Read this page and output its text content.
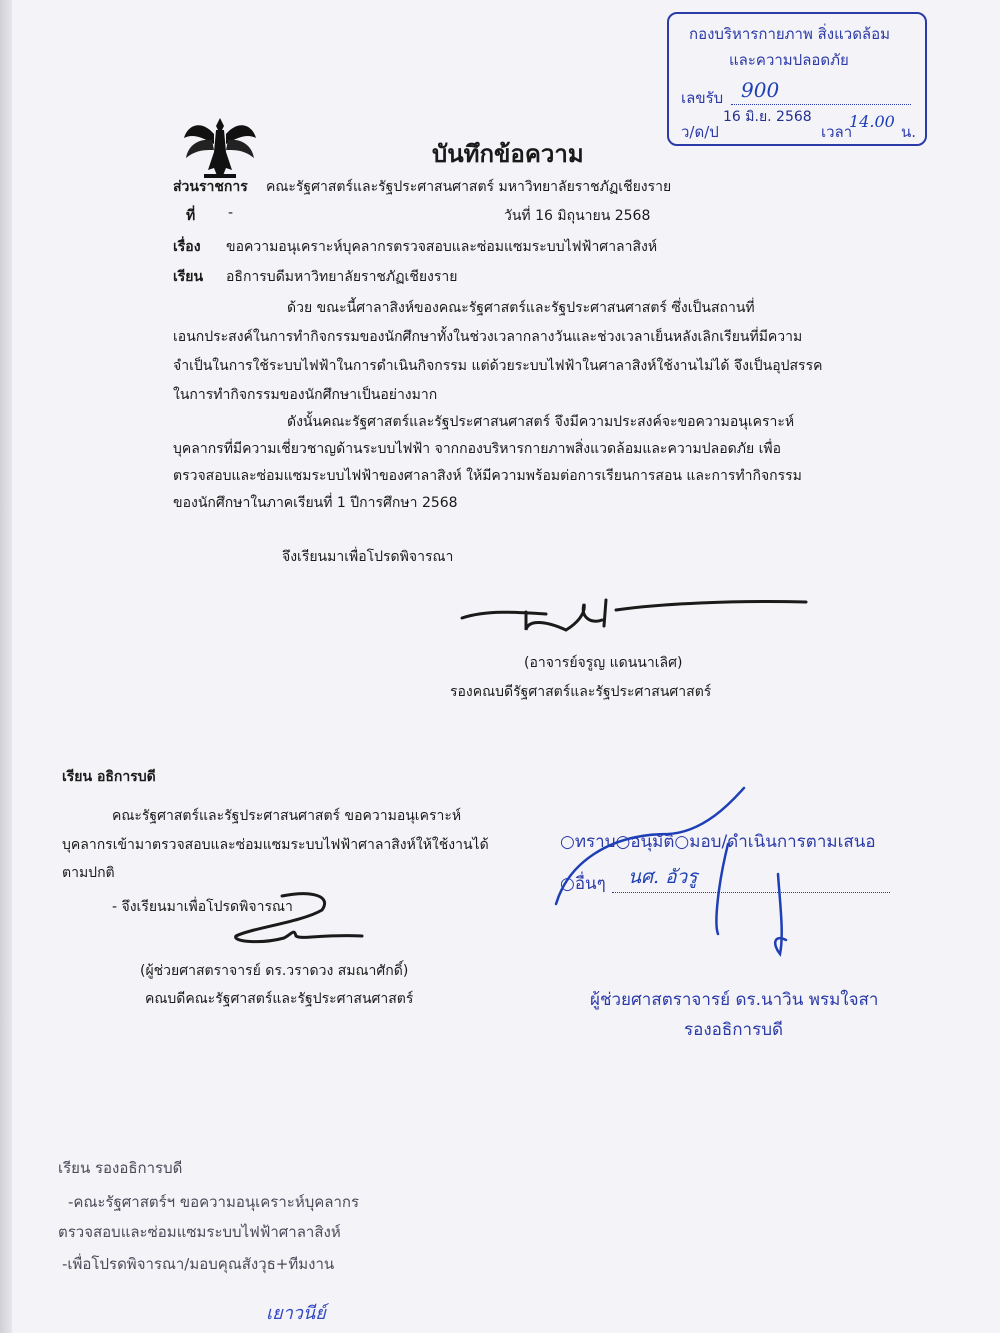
กองบริหารกายภาพ สิ่งแวดล้อม
และความปลอดภัย
เลขรับ 900
ว/ด/ป
16 มิ.ย. 2568
เวลา
14.00
น.
บันทึกข้อความ
ส่วนราชการ คณะรัฐศาสตร์และรัฐประศาสนศาสตร์ มหาวิทยาลัยราชภัฏเชียงราย
ที่ -	วันที่ 16 มิถุนายน 2568
เรื่อง ขอความอนุเคราะห์บุคลากรตรวจสอบและซ่อมแซมระบบไฟฟ้าศาลาสิงห์
เรียน อธิการบดีมหาวิทยาลัยราชภัฏเชียงราย
ด้วย ขณะนี้ศาลาสิงห์ของคณะรัฐศาสตร์และรัฐประศาสนศาสตร์ ซึ่งเป็นสถานที่
เอนกประสงค์ในการทำกิจกรรมของนักศึกษาทั้งในช่วงเวลากลางวันและช่วงเวลาเย็นหลังเลิกเรียนที่มีความ
จำเป็นในการใช้ระบบไฟฟ้าในการดำเนินกิจกรรม แต่ด้วยระบบไฟฟ้าในศาลาสิงห์ใช้งานไม่ได้ จึงเป็นอุปสรรค
ในการทำกิจกรรมของนักศึกษาเป็นอย่างมาก
ดังนั้นคณะรัฐศาสตร์และรัฐประศาสนศาสตร์ จึงมีความประสงค์จะขอความอนุเคราะห์
บุคลากรที่มีความเชี่ยวชาญด้านระบบไฟฟ้า จากกองบริหารกายภาพสิ่งแวดล้อมและความปลอดภัย เพื่อ
ตรวจสอบและซ่อมแซมระบบไฟฟ้าของศาลาสิงห์ ให้มีความพร้อมต่อการเรียนการสอน และการทำกิจกรรม
ของนักศึกษาในภาคเรียนที่ 1 ปีการศึกษา 2568
จึงเรียนมาเพื่อโปรดพิจารณา
(อาจารย์จรูญ แดนนาเลิศ)
รองคณบดีรัฐศาสตร์และรัฐประศาสนศาสตร์
เรียน อธิการบดี
คณะรัฐศาสตร์และรัฐประศาสนศาสตร์ ขอความอนุเคราะห์
บุคลากรเข้ามาตรวจสอบและซ่อมแซมระบบไฟฟ้าศาลาสิงห์ให้ใช้งานได้
ตามปกติ
- จึงเรียนมาเพื่อโปรดพิจารณา
(ผู้ช่วยศาสตราจารย์ ดร.วราดวง สมณาศักดิ์)
คณบดีคณะรัฐศาสตร์และรัฐประศาสนศาสตร์
○ทราบ○อนุมัติ○มอบ/ดำเนินการตามเสนอ
○อื่นๆ นศ. อัวรู
ผู้ช่วยศาสตราจารย์ ดร.นาวิน พรมใจสา
รองอธิการบดี
เรียน รองอธิการบดี
-คณะรัฐศาสตร์ฯ ขอความอนุเคราะห์บุคลากร
ตรวจสอบและซ่อมแซมระบบไฟฟ้าศาลาสิงห์
-เพื่อโปรดพิจารณา/มอบคุณสังวุธ+ทีมงาน
เยาวนีย์
